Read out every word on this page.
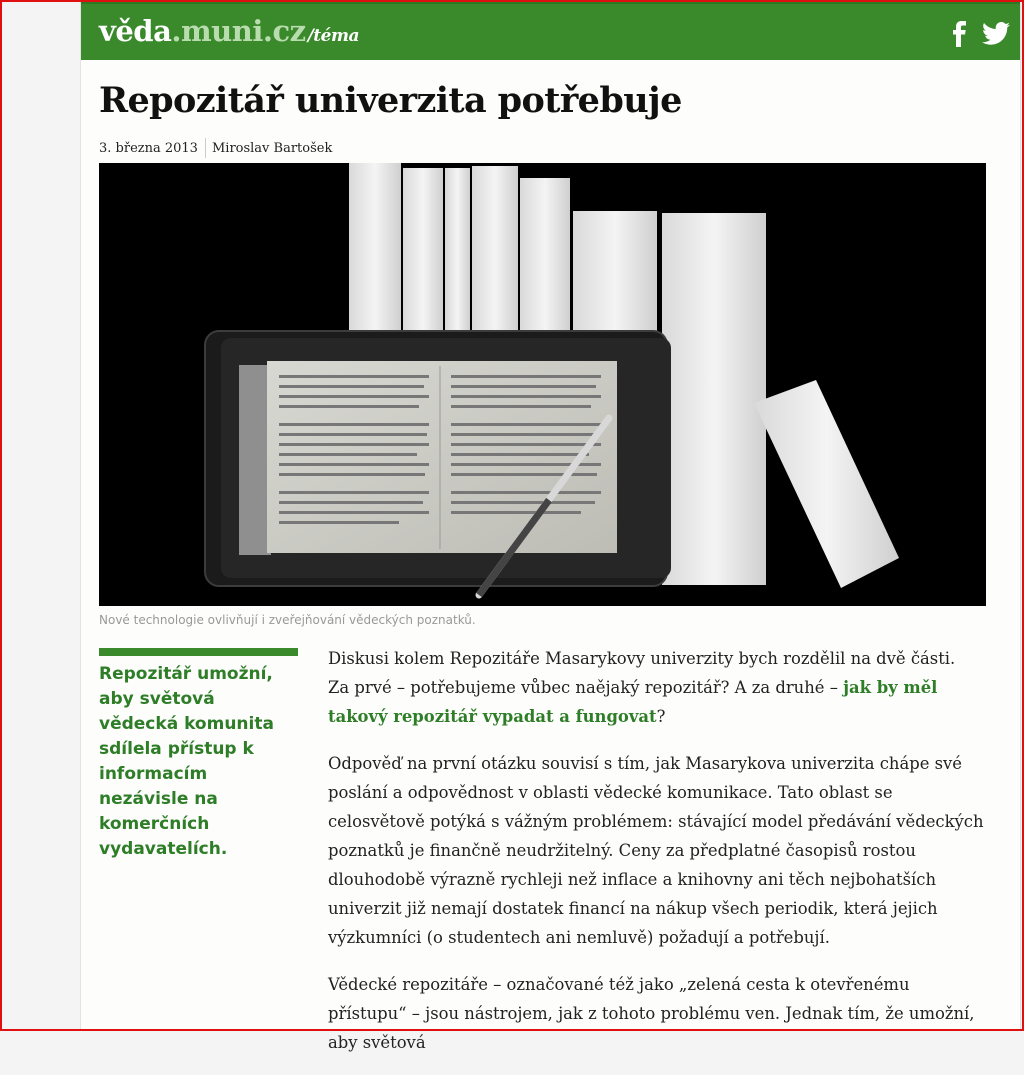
věda.muni.cz /téma
Repozitář univerzita potřebuje
3. března 2013 Miroslav Bartošek
Nové technologie ovlivňují i zveřejňování vědeckých poznatků.
Repozitář umožní, aby světová vědecká komunita sdílela přístup k informacím nezávisle na komerčních vydavatelích.

Diskusi kolem Repozitáře Masarykovy univerzity bych rozdělil na dvě části.
Za prvé – potřebujeme vůbec naějaký repozitář? A za druhé – jak by měl takový repozitář vypadat a fungovat?

Odpověď na první otázku souvisí s tím, jak Masarykova univerzita chápe své poslání a odpovědnost v oblasti vědecké komunikace. Tato oblast se celosvětově potýká s vážným problémem: stávající model předávání vědeckých poznatků je finančně neudržitelný. Ceny za předplatné časopisů rostou dlouhodobě výrazně rychleji než inflace a knihovny ani těch nejbohatších univerzit již nemají dostatek financí na nákup všech periodik, která jejich výzkumníci (o studentech ani nemluvě) požadují a potřebují.

Vědecké repozitáře – označované též jako „zelená cesta k otevřenému přístupu“ – jsou nástrojem, jak z tohoto problému ven. Jednak tím, že umožní, aby světová
